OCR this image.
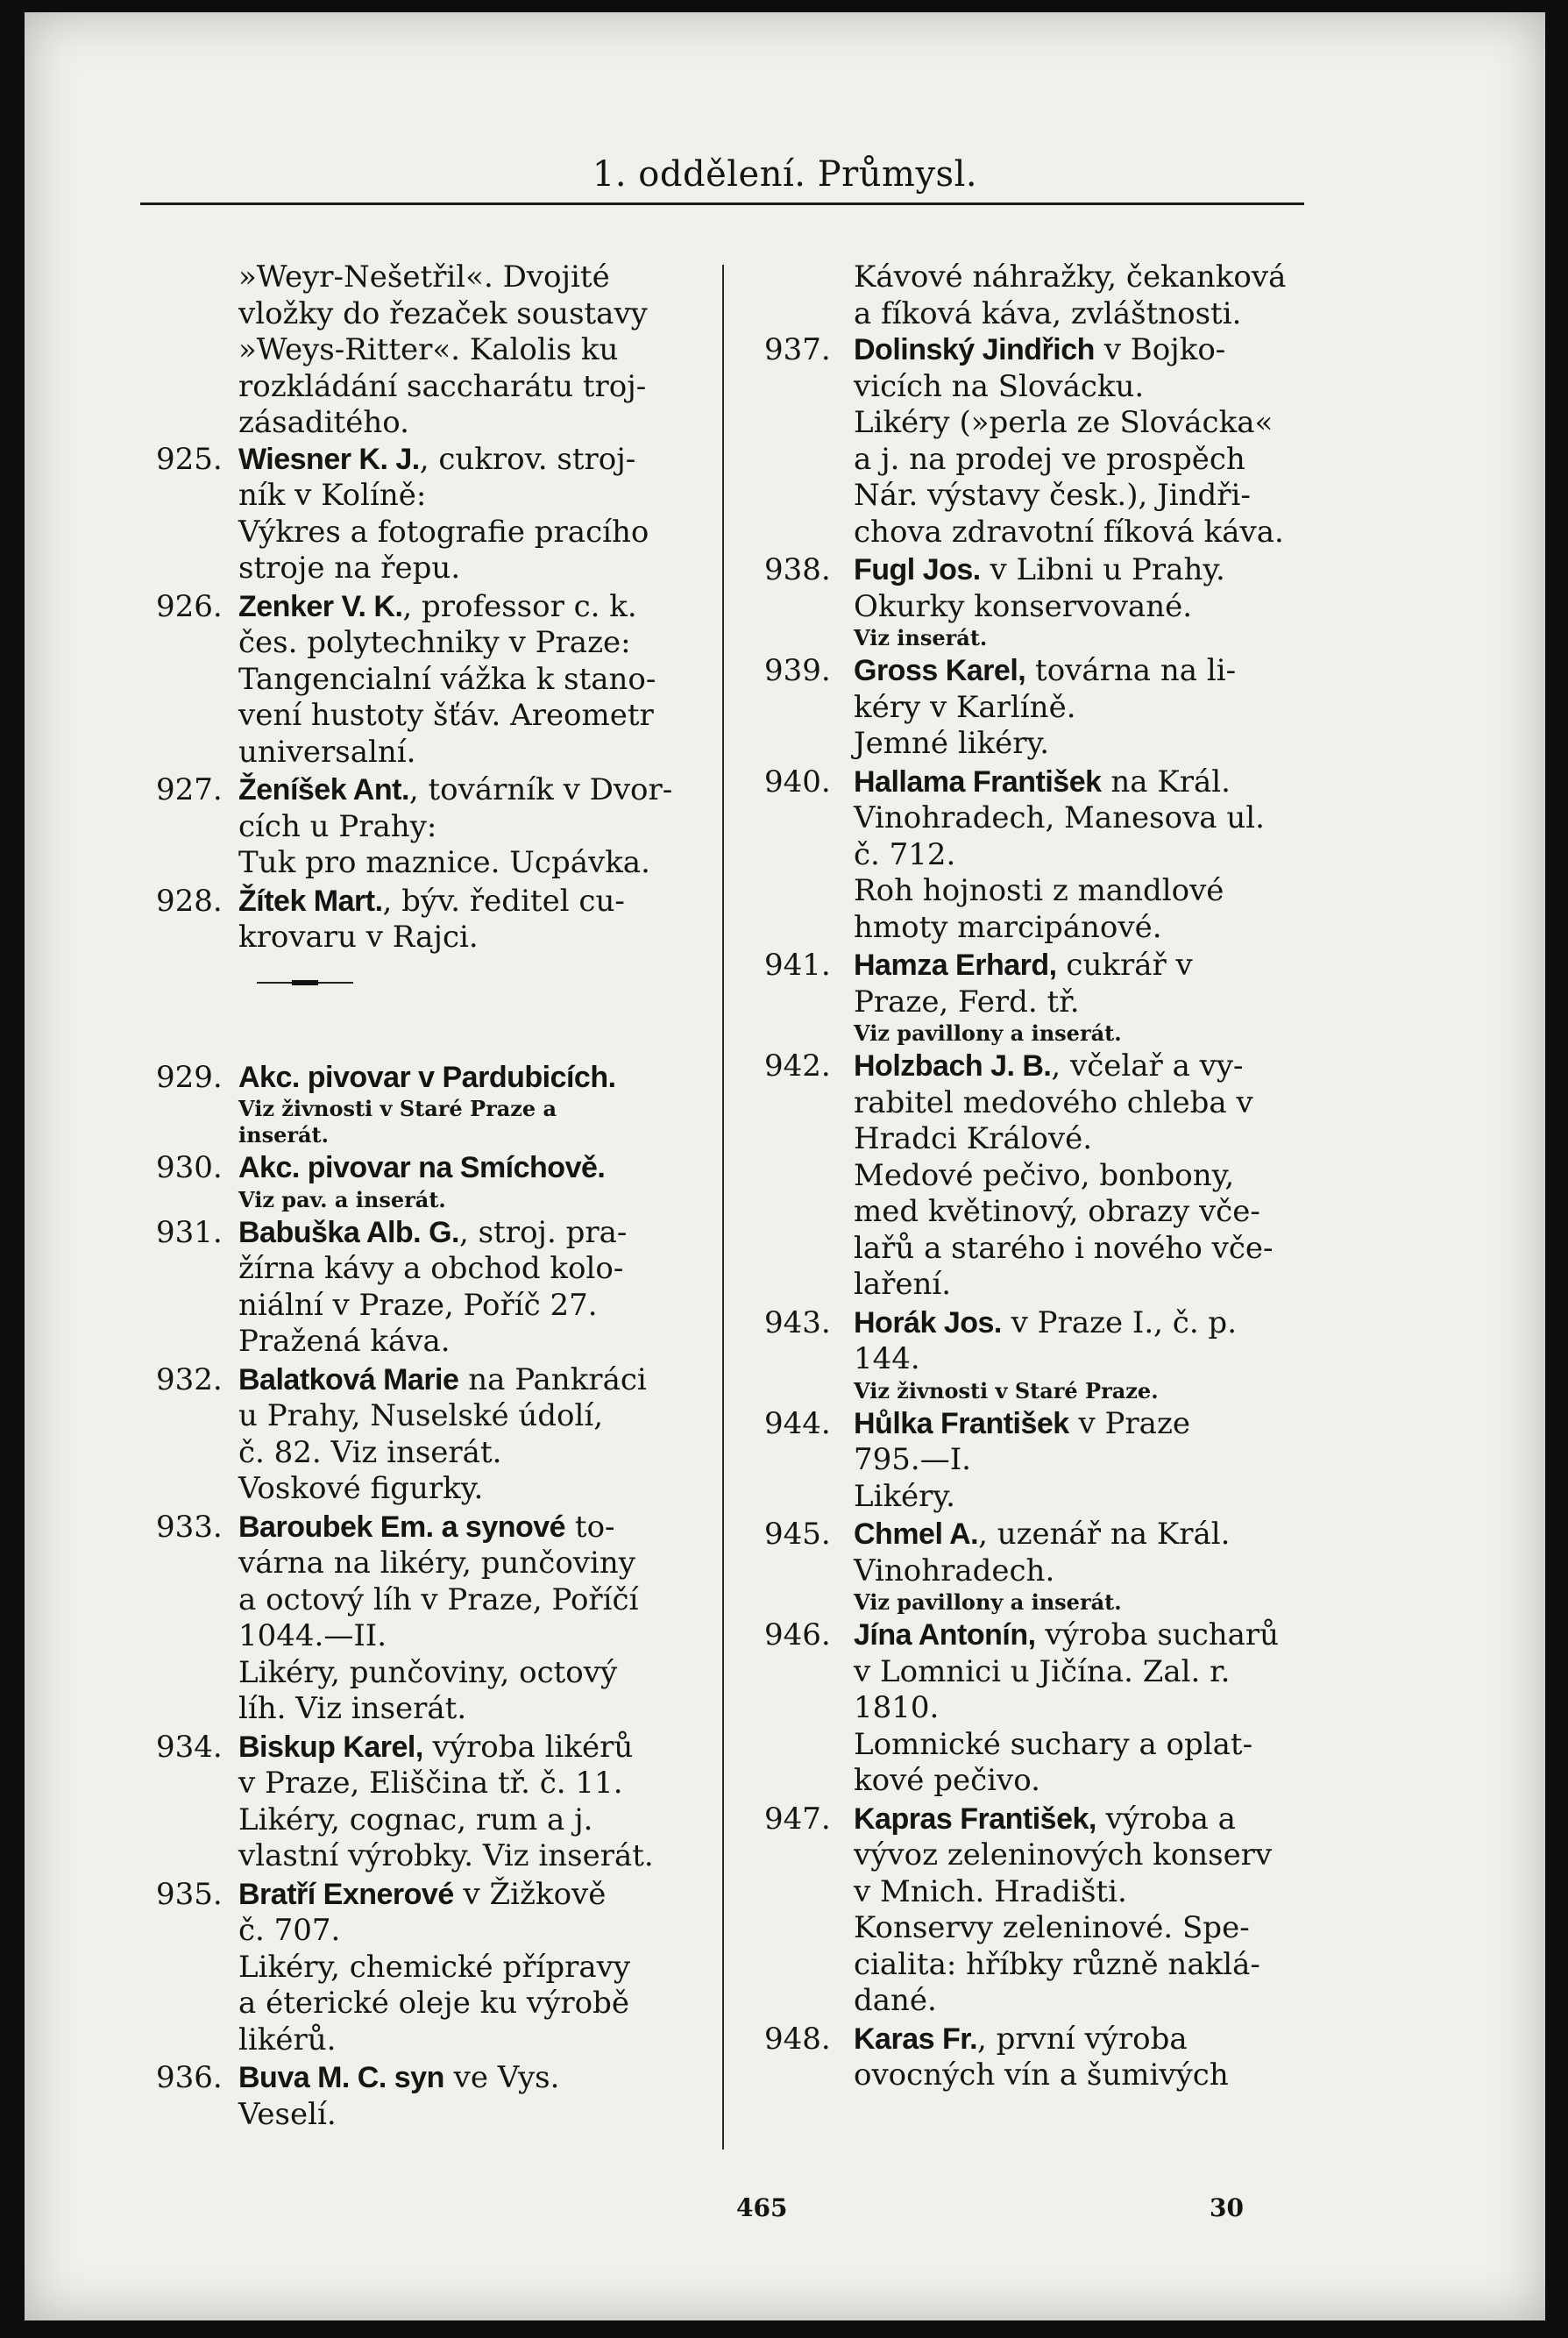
1. oddělení. Průmysl.
»Weyr-Nešetřil«. Dvojité
vložky do řezaček soustavy
»Weys-Ritter«. Kalolis ku
rozkládání saccharátu troj-
zásaditého.
925. Wiesner K. J., cukrov. stroj-
ník v Kolíně:
Výkres a fotografie pracího
stroje na řepu.
926. Zenker V. K., professor c. k.
čes. polytechniky v Praze:
Tangencialní vážka k stano-
vení hustoty šťáv. Areometr
universalní.
927. Ženíšek Ant., továrník v Dvor-
cích u Prahy:
Tuk pro maznice. Ucpávka.
928. Žítek Mart., býv. ředitel cu-
krovaru v Rajci.
929. Akc. pivovar v Pardubicích.
Viz živnosti v Staré Praze a
inserát.
930. Akc. pivovar na Smíchově.
Viz pav. a inserát.
931. Babuška Alb. G., stroj. pra-
žírna kávy a obchod kolo-
niální v Praze, Poříč 27.
Pražená káva.
932. Balatková Marie na Pankráci
u Prahy, Nuselské údolí,
č. 82. Viz inserát.
Voskové figurky.
933. Baroubek Em. a synové to-
várna na likéry, punčoviny
a octový líh v Praze, Poříčí
1044.—II.
Likéry, punčoviny, octový
líh. Viz inserát.
934. Biskup Karel, výroba likérů
v Praze, Eliščina tř. č. 11.
Likéry, cognac, rum a j.
vlastní výrobky. Viz inserát.
935. Bratří Exnerové v Žižkově
č. 707.
Likéry, chemické přípravy
a éterické oleje ku výrobě
likérů.
936. Buva M. C. syn ve Vys.
Veselí.
Kávové náhražky, čekanková
a fíková káva, zvláštnosti.
937. Dolinský Jindřich v Bojko-
vicích na Slovácku.
Likéry (»perla ze Slovácka«
a j. na prodej ve prospěch
Nár. výstavy česk.), Jindři-
chova zdravotní fíková káva.
938. Fugl Jos. v Libni u Prahy.
Okurky konservované.
Viz inserát.
939. Gross Karel, továrna na li-
kéry v Karlíně.
Jemné likéry.
940. Hallama František na Král.
Vinohradech, Manesova ul.
č. 712.
Roh hojnosti z mandlové
hmoty marcipánové.
941. Hamza Erhard, cukrář v
Praze, Ferd. tř.
Viz pavillony a inserát.
942. Holzbach J. B., včelař a vy-
rabitel medového chleba v
Hradci Králové.
Medové pečivo, bonbony,
med květinový, obrazy vče-
lařů a starého i nového vče-
laření.
943. Horák Jos. v Praze I., č. p.
144.
Viz živnosti v Staré Praze.
944. Hůlka František v Praze
795.—I.
Likéry.
945. Chmel A., uzenář na Král.
Vinohradech.
Viz pavillony a inserát.
946. Jína Antonín, výroba sucharů
v Lomnici u Jičína. Zal. r.
1810.
Lomnické suchary a oplat-
kové pečivo.
947. Kapras František, výroba a
vývoz zeleninových konserv
v Mnich. Hradišti.
Konservy zeleninové. Spe-
cialita: hříbky různě naklá-
dané.
948. Karas Fr., první výroba
ovocných vín a šumivých
465	30
